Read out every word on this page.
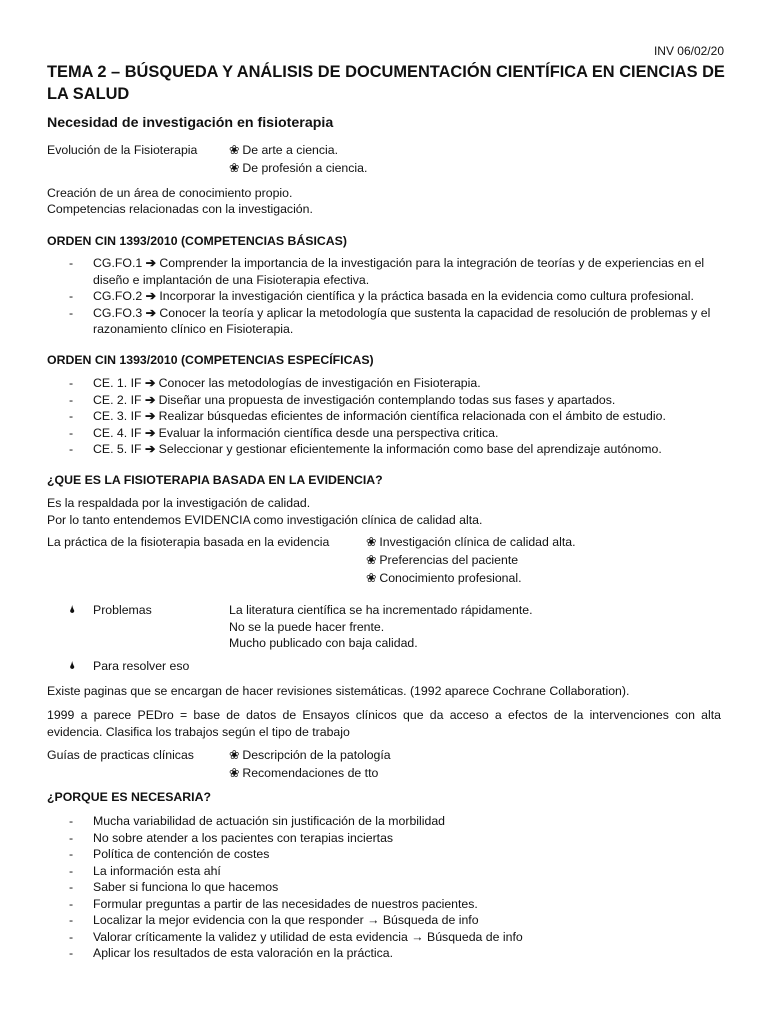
INV 06/02/20
TEMA 2 – BÚSQUEDA Y ANÁLISIS DE DOCUMENTACIÓN CIENTÍFICA EN CIENCIAS DE LA SALUD
Necesidad de investigación en fisioterapia
Evolución de la Fisioterapia	❀ De arte a ciencia.
❀ De profesión a ciencia.
Creación de un área de conocimiento propio.
Competencias relacionadas con la investigación.
ORDEN CIN 1393/2010 (COMPETENCIAS BÁSICAS)
- CG.FO.1 ➔ Comprender la importancia de la investigación para la integración de teorías y de experiencias en el diseño e implantación de una Fisioterapia efectiva.
- CG.FO.2 ➔ Incorporar la investigación científica y la práctica basada en la evidencia como cultura profesional.
- CG.FO.3 ➔ Conocer la teoría y aplicar la metodología que sustenta la capacidad de resolución de problemas y el razonamiento clínico en Fisioterapia.
ORDEN CIN 1393/2010 (COMPETENCIAS ESPECÍFICAS)
- CE. 1. IF ➔ Conocer las metodologías de investigación en Fisioterapia.
- CE. 2. IF ➔ Diseñar una propuesta de investigación contemplando todas sus fases y apartados.
- CE. 3. IF ➔ Realizar búsquedas eficientes de información científica relacionada con el ámbito de estudio.
- CE. 4. IF ➔ Evaluar la información científica desde una perspectiva critica.
- CE. 5. IF ➔ Seleccionar y gestionar eficientemente la información como base del aprendizaje autónomo.
¿QUE ES LA FISIOTERAPIA BASADA EN LA EVIDENCIA?
Es la respaldada por la investigación de calidad.
Por lo tanto entendemos EVIDENCIA como investigación clínica de calidad alta.
La práctica de la fisioterapia basada en la evidencia	❀ Investigación clínica de calidad alta.
❀ Preferencias del paciente
❀ Conocimiento profesional.
🌢 Problemas	La literatura científica se ha incrementado rápidamente.
No se la puede hacer frente.
Mucho publicado con baja calidad.
🌢 Para resolver eso
Existe paginas que se encargan de hacer revisiones sistemáticas. (1992 aparece Cochrane Collaboration).
1999 a parece PEDro = base de datos de Ensayos clínicos que da acceso a efectos de la intervenciones con alta evidencia. Clasifica los trabajos según el tipo de trabajo
Guías de practicas clínicas	❀ Descripción de la patología
❀ Recomendaciones de tto
¿PORQUE ES NECESARIA?
- Mucha variabilidad de actuación sin justificación de la morbilidad
- No sobre atender a los pacientes con terapias inciertas
- Política de contención de costes
- La información esta ahí
- Saber si funciona lo que hacemos
- Formular preguntas a partir de las necesidades de nuestros pacientes.
- Localizar la mejor evidencia con la que responder → Búsqueda de info
- Valorar críticamente la validez y utilidad de esta evidencia → Búsqueda de info
- Aplicar los resultados de esta valoración en la práctica.
